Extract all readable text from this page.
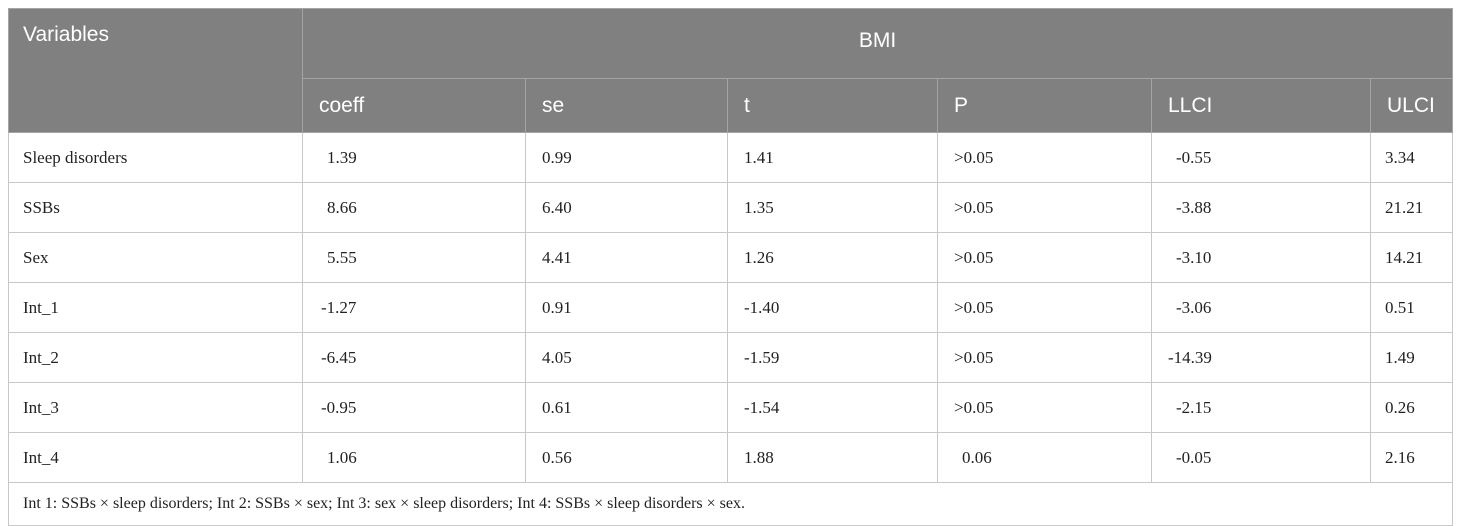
Variables	BMI					
	coeff	se	t	P	LLCI	ULCI
Sleep disorders	1.39	0.99	1.41	>0.05	-0.55	3.34
SSBs	8.66	6.40	1.35	>0.05	-3.88	21.21
Sex	5.55	4.41	1.26	>0.05	-3.10	14.21
Int_1	-1.27	0.91	-1.40	>0.05	-3.06	0.51
Int_2	-6.45	4.05	-1.59	>0.05	-14.39	1.49
Int_3	-0.95	0.61	-1.54	>0.05	-2.15	0.26
Int_4	1.06	0.56	1.88	0.06	-0.05	2.16
Int 1: SSBs × sleep disorders; Int 2: SSBs × sex; Int 3: sex × sleep disorders; Int 4: SSBs × sleep disorders × sex.						
